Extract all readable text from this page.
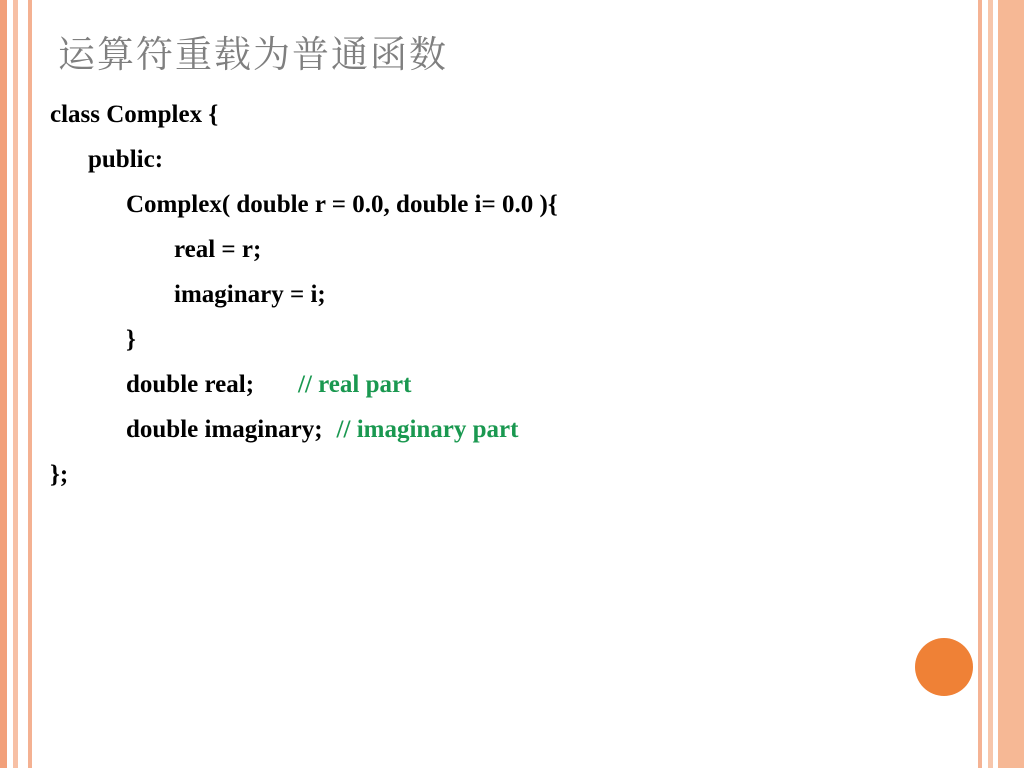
运算符重载为普通函数
class Complex {
public:
Complex( double r = 0.0, double i= 0.0 ){
real = r;
imaginary = i;
}
double real; // real part
double imaginary; // imaginary part
};
